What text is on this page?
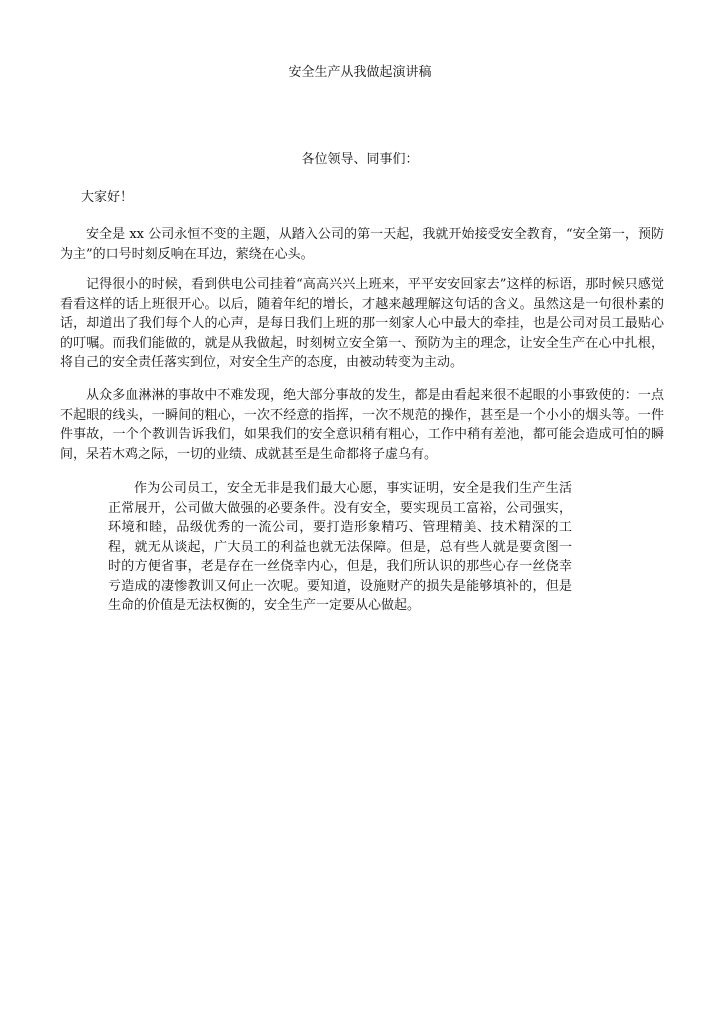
安全生产从我做起演讲稿
各位领导、同事们：
大家好！

安全是 xx 公司永恒不变的主题，从踏入公司的第一天起，我就开始接受安全教育，“安全第一，预防为主”的口号时刻反响在耳边，萦绕在心头。

记得很小的时候，看到供电公司挂着“高高兴兴上班来，平平安安回家去”这样的标语，那时候只感觉看看这样的话上班很开心。以后，随着年纪的增长，才越来越理解这句话的含义。虽然这是一句很朴素的话，却道出了我们每个人的心声，是每日我们上班的那一刻家人心中最大的牵挂，也是公司对员工最贴心的叮嘱。而我们能做的，就是从我做起，时刻树立安全第一、预防为主的理念，让安全生产在心中扎根，将自己的安全责任落实到位，对安全生产的态度，由被动转变为主动。

从众多血淋淋的事故中不难发现，绝大部分事故的发生，都是由看起来很不起眼的小事致使的：一点不起眼的线头，一瞬间的粗心，一次不经意的指挥，一次不规范的操作，甚至是一个小小的烟头等。一件件事故，一个个教训告诉我们，如果我们的安全意识稍有粗心，工作中稍有差池，都可能会造成可怕的瞬间，呆若木鸡之际，一切的业绩、成就甚至是生命都将子虚乌有。

作为公司员工，安全无非是我们最大心愿，事实证明，安全是我们生产生活正常展开，公司做大做强的必要条件。没有安全，要实现员工富裕，公司强实，环境和睦，品级优秀的一流公司，要打造形象精巧、管理精美、技术精深的工程，就无从谈起，广大员工的利益也就无法保障。但是，总有些人就是要贪图一时的方便省事，老是存在一丝侥幸内心，但是，我们所认识的那些心存一丝侥幸亏造成的凄惨教训又何止一次呢。要知道，设施财产的损失是能够填补的，但是生命的价值是无法权衡的，安全生产一定要从心做起。
